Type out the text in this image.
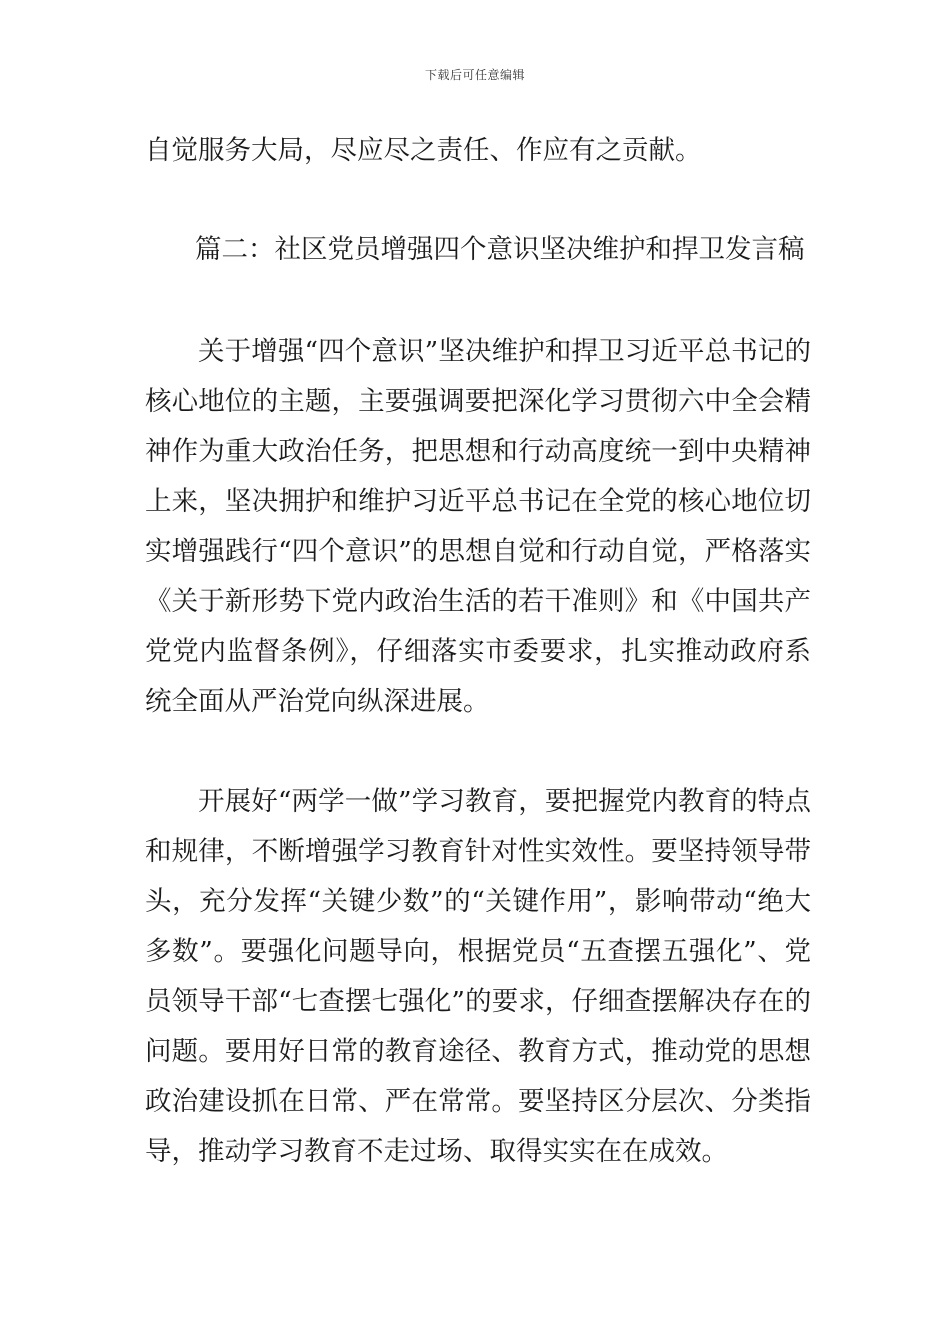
下载后可任意编辑
自觉服务大局，尽应尽之责任、作应有之贡献。
篇二：社区党员增强四个意识坚决维护和捍卫发言稿
关于增强“四个意识”坚决维护和捍卫习近平总书记的核心地位的主题，主要强调要把深化学习贯彻六中全会精神作为重大政治任务，把思想和行动高度统一到中央精神上来，坚决拥护和维护习近平总书记在全党的核心地位切实增强践行“四个意识”的思想自觉和行动自觉，严格落实《关于新形势下党内政治生活的若干准则》和《中国共产党党内监督条例》，仔细落实市委要求，扎实推动政府系统全面从严治党向纵深进展。
开展好“两学一做”学习教育，要把握党内教育的特点和规律，不断增强学习教育针对性实效性。要坚持领导带头，充分发挥“关键少数”的“关键作用”，影响带动“绝大多数”。要强化问题导向，根据党员“五查摆五强化”、党员领导干部“七查摆七强化”的要求，仔细查摆解决存在的问题。要用好日常的教育途径、教育方式，推动党的思想政治建设抓在日常、严在常常。要坚持区分层次、分类指导，推动学习教育不走过场、取得实实在在成效。
